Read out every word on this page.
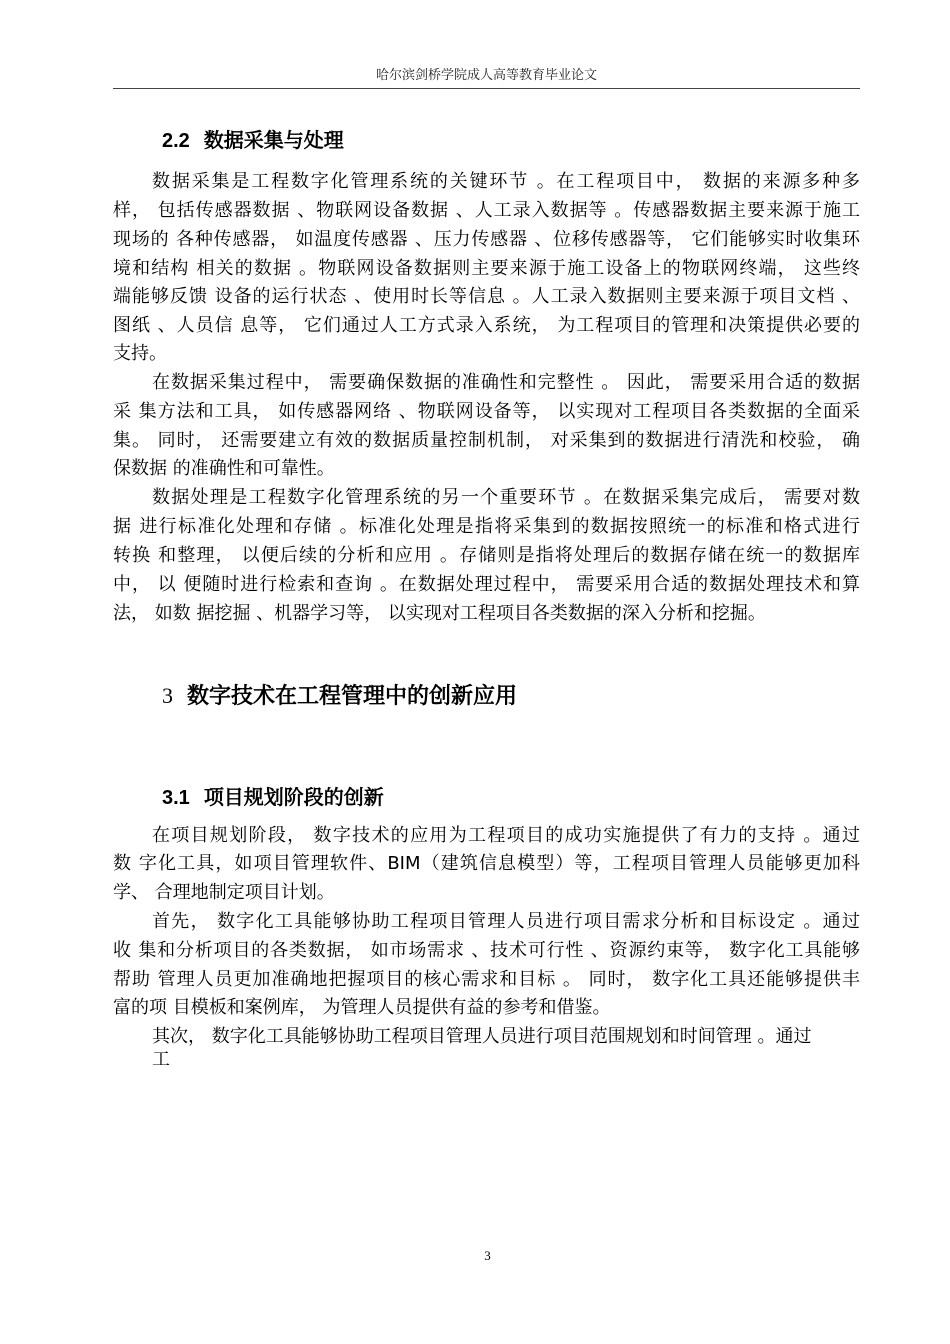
哈尔滨剑桥学院成人高等教育毕业论文
2.2 数据采集与处理
3 数字技术在工程管理中的创新应用
3.1 项目规划阶段的创新
数据采集是工程数字化管理系统的关键环节 。在工程项目中， 数据的来源多种多
样， 包括传感器数据 、物联网设备数据 、人工录入数据等 。传感器数据主要来源于施工
现场的 各种传感器， 如温度传感器 、压力传感器 、位移传感器等， 它们能够实时收集环
境和结构 相关的数据 。物联网设备数据则主要来源于施工设备上的物联网终端， 这些终
端能够反馈 设备的运行状态 、使用时长等信息 。人工录入数据则主要来源于项目文档 、
图纸 、人员信 息等， 它们通过人工方式录入系统， 为工程项目的管理和决策提供必要的
支持。
在数据采集过程中， 需要确保数据的准确性和完整性 。 因此， 需要采用合适的数据
采 集方法和工具， 如传感器网络 、物联网设备等， 以实现对工程项目各类数据的全面采
集。 同时， 还需要建立有效的数据质量控制机制， 对采集到的数据进行清洗和校验， 确
保数据 的准确性和可靠性。
数据处理是工程数字化管理系统的另一个重要环节 。在数据采集完成后， 需要对数
据 进行标准化处理和存储 。标准化处理是指将采集到的数据按照统一的标准和格式进行
转换 和整理， 以便后续的分析和应用 。存储则是指将处理后的数据存储在统一的数据库
中， 以 便随时进行检索和查询 。在数据处理过程中， 需要采用合适的数据处理技术和算
法， 如数 据挖掘 、机器学习等， 以实现对工程项目各类数据的深入分析和挖掘。
在项目规划阶段， 数字技术的应用为工程项目的成功实施提供了有力的支持 。通过
数 字化工具，如项目管理软件、BIM（建筑信息模型）等，工程项目管理人员能够更加科
学、 合理地制定项目计划。
首先， 数字化工具能够协助工程项目管理人员进行项目需求分析和目标设定 。通过
收 集和分析项目的各类数据， 如市场需求 、技术可行性 、资源约束等， 数字化工具能够
帮助 管理人员更加准确地把握项目的核心需求和目标 。 同时， 数字化工具还能够提供丰
富的项 目模板和案例库， 为管理人员提供有益的参考和借鉴。
其次， 数字化工具能够协助工程项目管理人员进行项目范围规划和时间管理 。通过
工
3
